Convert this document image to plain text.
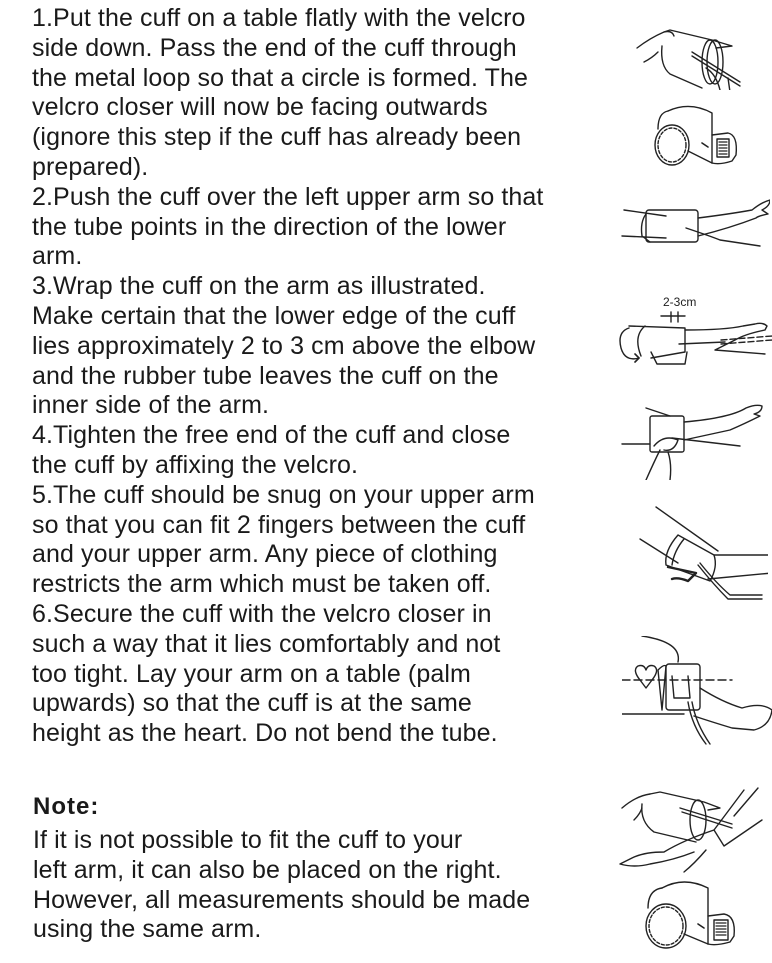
1.Put the cuff on a table flatly with the velcro
side down. Pass the end of the cuff through
the metal loop so that a circle is formed. The
velcro closer will now be facing outwards
(ignore this step if the cuff has already been
prepared).
2.Push the cuff over the left upper arm so that
the tube points in the direction of the lower
arm.
3.Wrap the cuff on the arm as illustrated.
Make certain that the lower edge of the cuff
lies approximately 2 to 3 cm above the elbow
and the rubber tube leaves the cuff on the
inner side of the arm.
4.Tighten the free end of the cuff and close
the cuff by affixing the velcro.
5.The cuff should be snug on your upper arm
so that you can fit 2 fingers between the cuff
and your upper arm. Any piece of clothing
restricts the arm which must be taken off.
6.Secure the cuff with the velcro closer in
such a way that it lies comfortably and not
too tight. Lay your arm on a table (palm
upwards) so that the cuff is at the same
height as the heart. Do not bend the tube.
Note:
If it is not possible to fit the cuff to your
left arm, it can also be placed on the right.
However, all measurements should be made
using the same arm.
2-3cm
